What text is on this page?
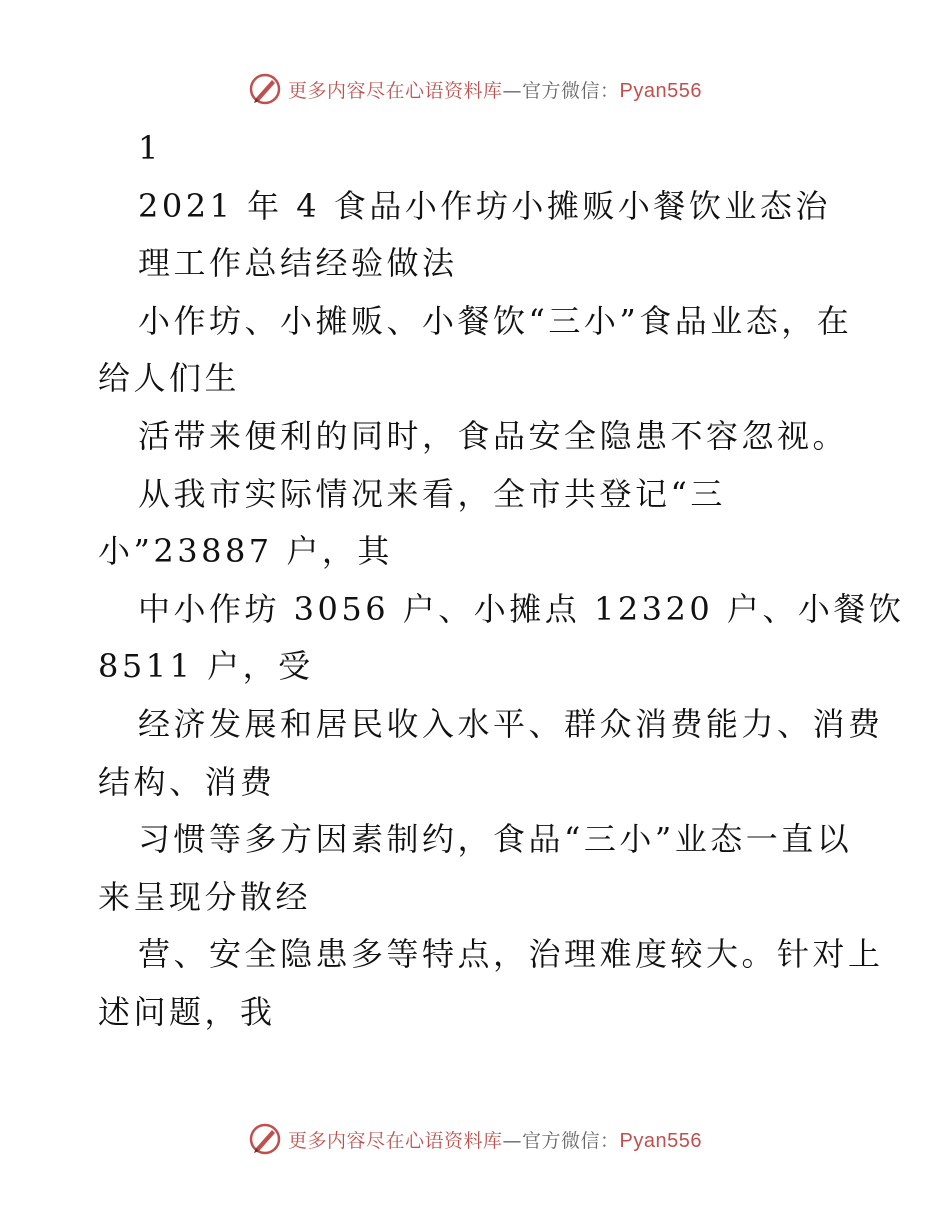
更多内容尽在心语资料库—官方微信：Pyan556
1
2021 年 4 食品小作坊小摊贩小餐饮业态治
理工作总结经验做法
小作坊、小摊贩、小餐饮“三小”食品业态，在
给人们生
活带来便利的同时，食品安全隐患不容忽视。
从我市实际情况来看，全市共登记“三
小”23887 户，其
中小作坊 3056 户、小摊点 12320 户、小餐饮
8511 户，受
经济发展和居民收入水平、群众消费能力、消费
结构、消费
习惯等多方因素制约，食品“三小”业态一直以
来呈现分散经
营、安全隐患多等特点，治理难度较大。针对上
述问题，我
更多内容尽在心语资料库—官方微信：Pyan556
